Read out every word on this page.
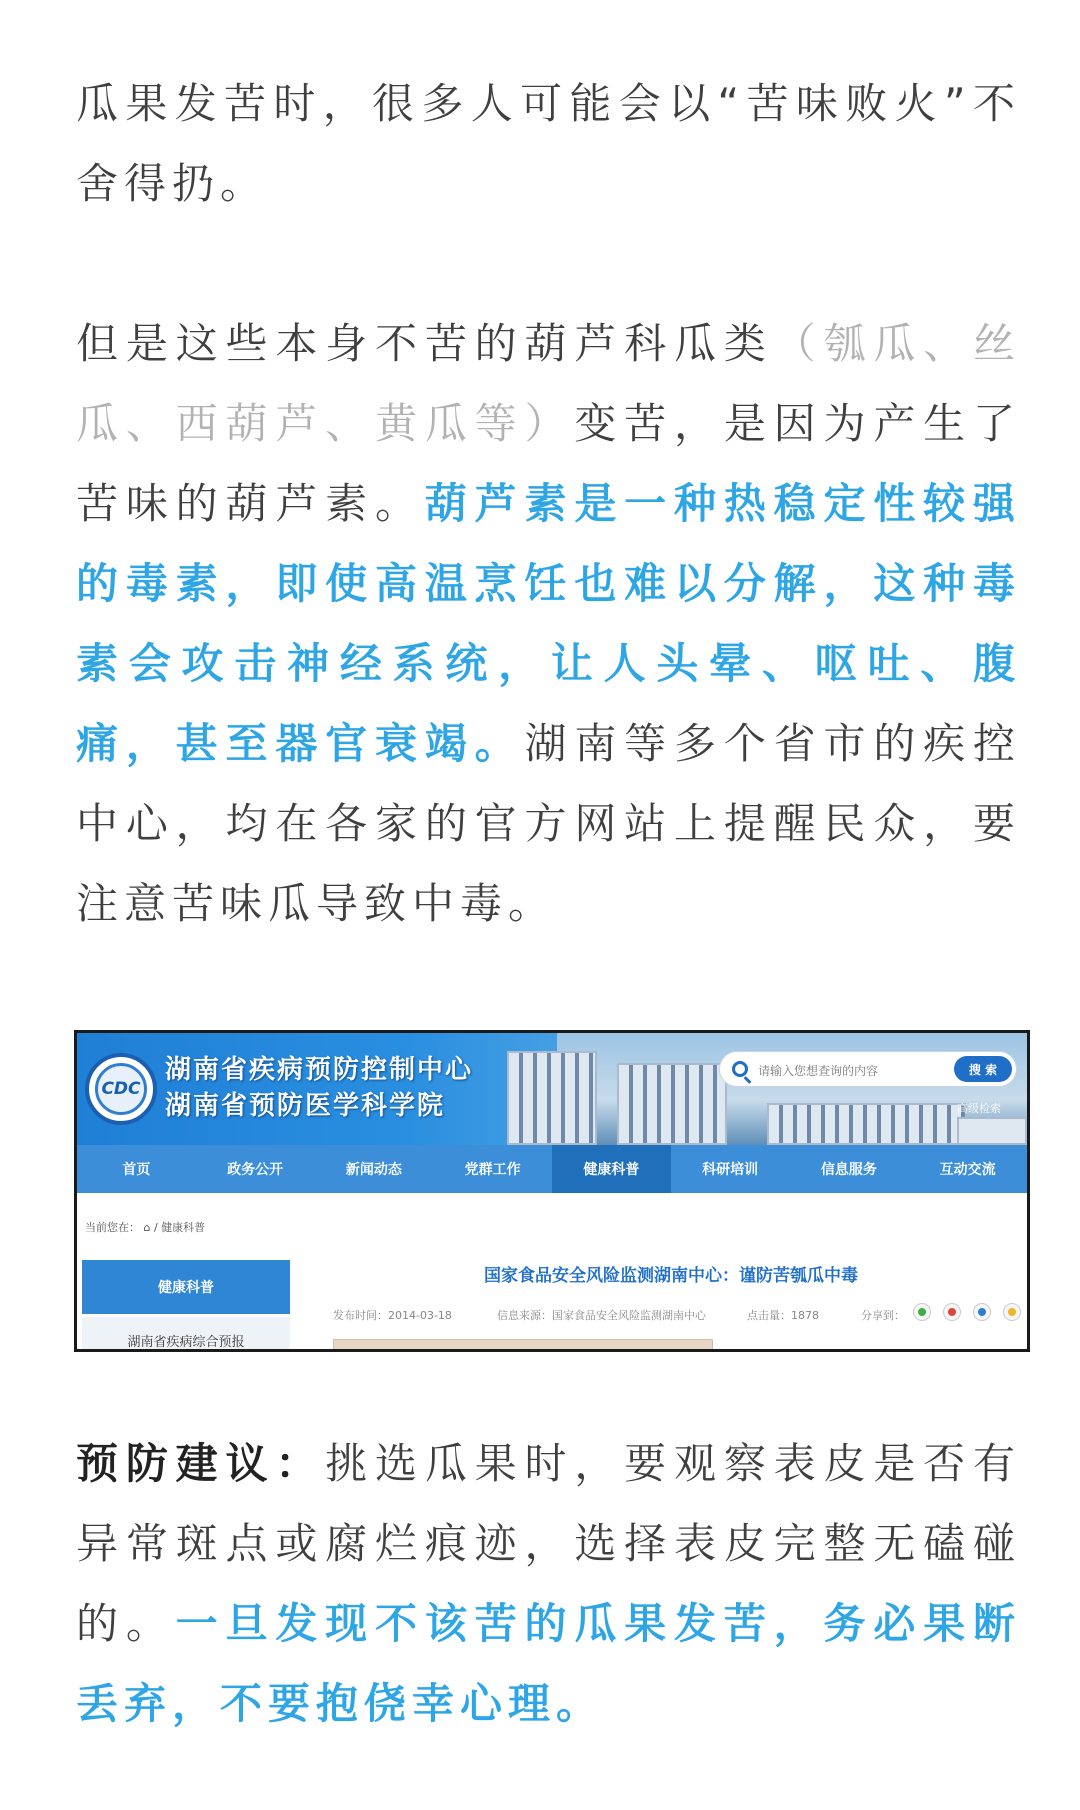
瓜果发苦时，很多人可能会以“苦味败火”不舍得扔。

但是这些本身不苦的葫芦科瓜类（瓠瓜、丝瓜、西葫芦、黄瓜等）变苦，是因为产生了苦味的葫芦素。葫芦素是一种热稳定性较强的毒素，即使高温烹饪也难以分解，这种毒素会攻击神经系统，让人头晕、呕吐、腹痛，甚至器官衰竭。湖南等多个省市的疾控中心，均在各家的官方网站上提醒民众，要注意苦味瓜导致中毒。

CDC
湖南省疾病预防控制中心
湖南省预防医学科学院
请输入您想查询的内容	搜 索
高级检索
首页	政务公开	新闻动态	党群工作	健康科普	科研培训	信息服务	互动交流
当前您在： ⌂ / 健康科普
健康科普
湖南省疾病综合预报
国家食品安全风险监测湖南中心：谨防苦瓠瓜中毒
发布时间：2014-03-18	信息来源：国家食品安全风险监测湖南中心	点击量：1878	分享到：

预防建议：挑选瓜果时，要观察表皮是否有异常斑点或腐烂痕迹，选择表皮完整无磕碰的。一旦发现不该苦的瓜果发苦，务必果断丢弃，不要抱侥幸心理。
